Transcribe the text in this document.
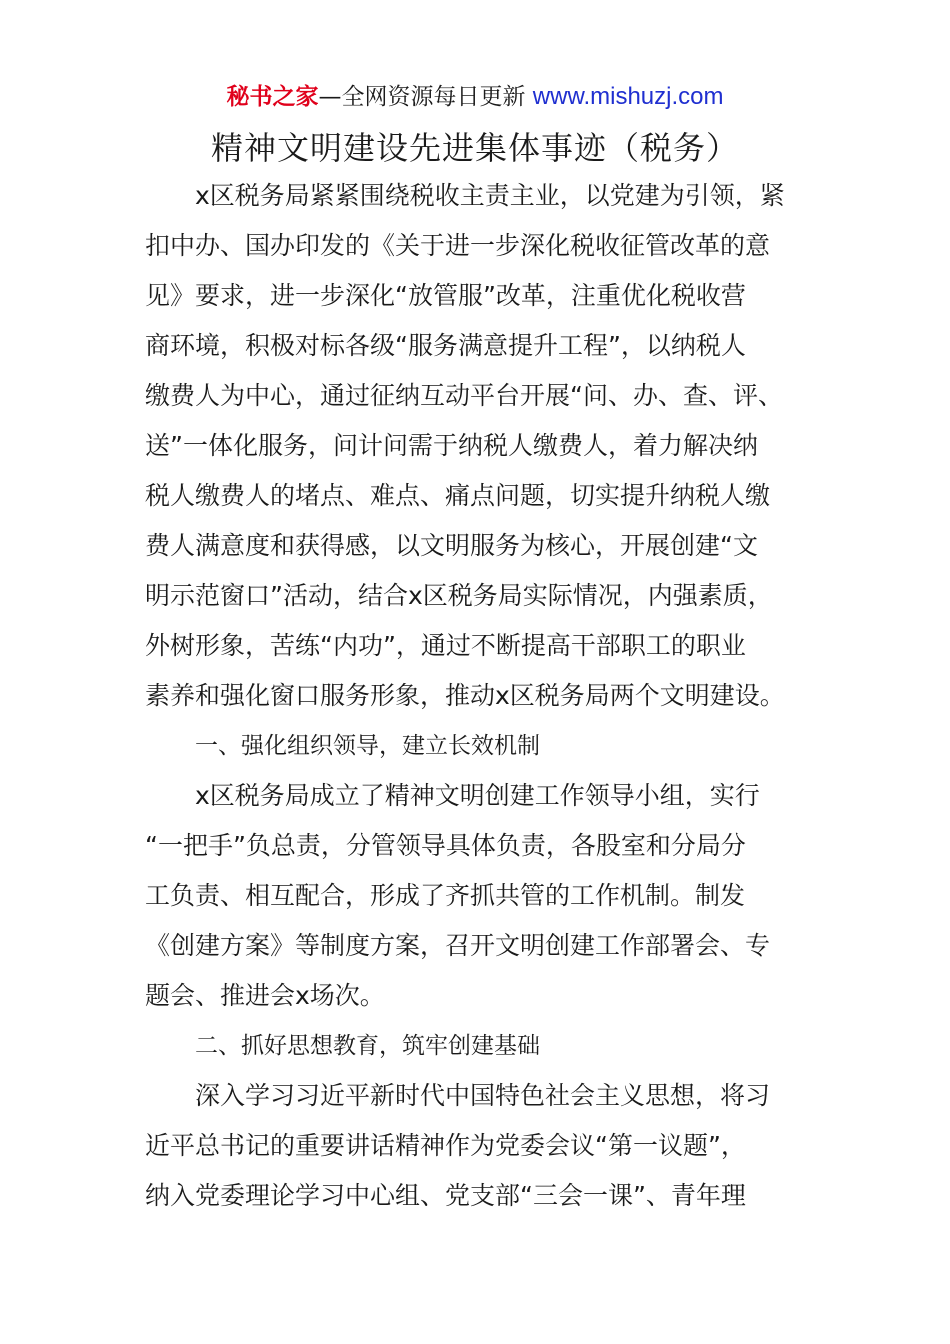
秘书之家—全网资源每日更新 www.mishuzj.com
精神文明建设先进集体事迹（税务）
x区税务局紧紧围绕税收主责主业，以党建为引领，紧
扣中办、国办印发的《关于进一步深化税收征管改革的意
见》要求，进一步深化“放管服”改革，注重优化税收营
商环境，积极对标各级“服务满意提升工程”，以纳税人
缴费人为中心，通过征纳互动平台开展“问、办、查、评、
送”一体化服务，问计问需于纳税人缴费人，着力解决纳
税人缴费人的堵点、难点、痛点问题，切实提升纳税人缴
费人满意度和获得感，以文明服务为核心，开展创建“文
明示范窗口”活动，结合x区税务局实际情况，内强素质，
外树形象，苦练“内功”，通过不断提高干部职工的职业
素养和强化窗口服务形象，推动x区税务局两个文明建设。
一、强化组织领导，建立长效机制
x区税务局成立了精神文明创建工作领导小组，实行
“一把手”负总责，分管领导具体负责，各股室和分局分
工负责、相互配合，形成了齐抓共管的工作机制。制发
《创建方案》等制度方案，召开文明创建工作部署会、专
题会、推进会x场次。
二、抓好思想教育，筑牢创建基础
深入学习习近平新时代中国特色社会主义思想，将习
近平总书记的重要讲话精神作为党委会议“第一议题”，
纳入党委理论学习中心组、党支部“三会一课”、青年理
